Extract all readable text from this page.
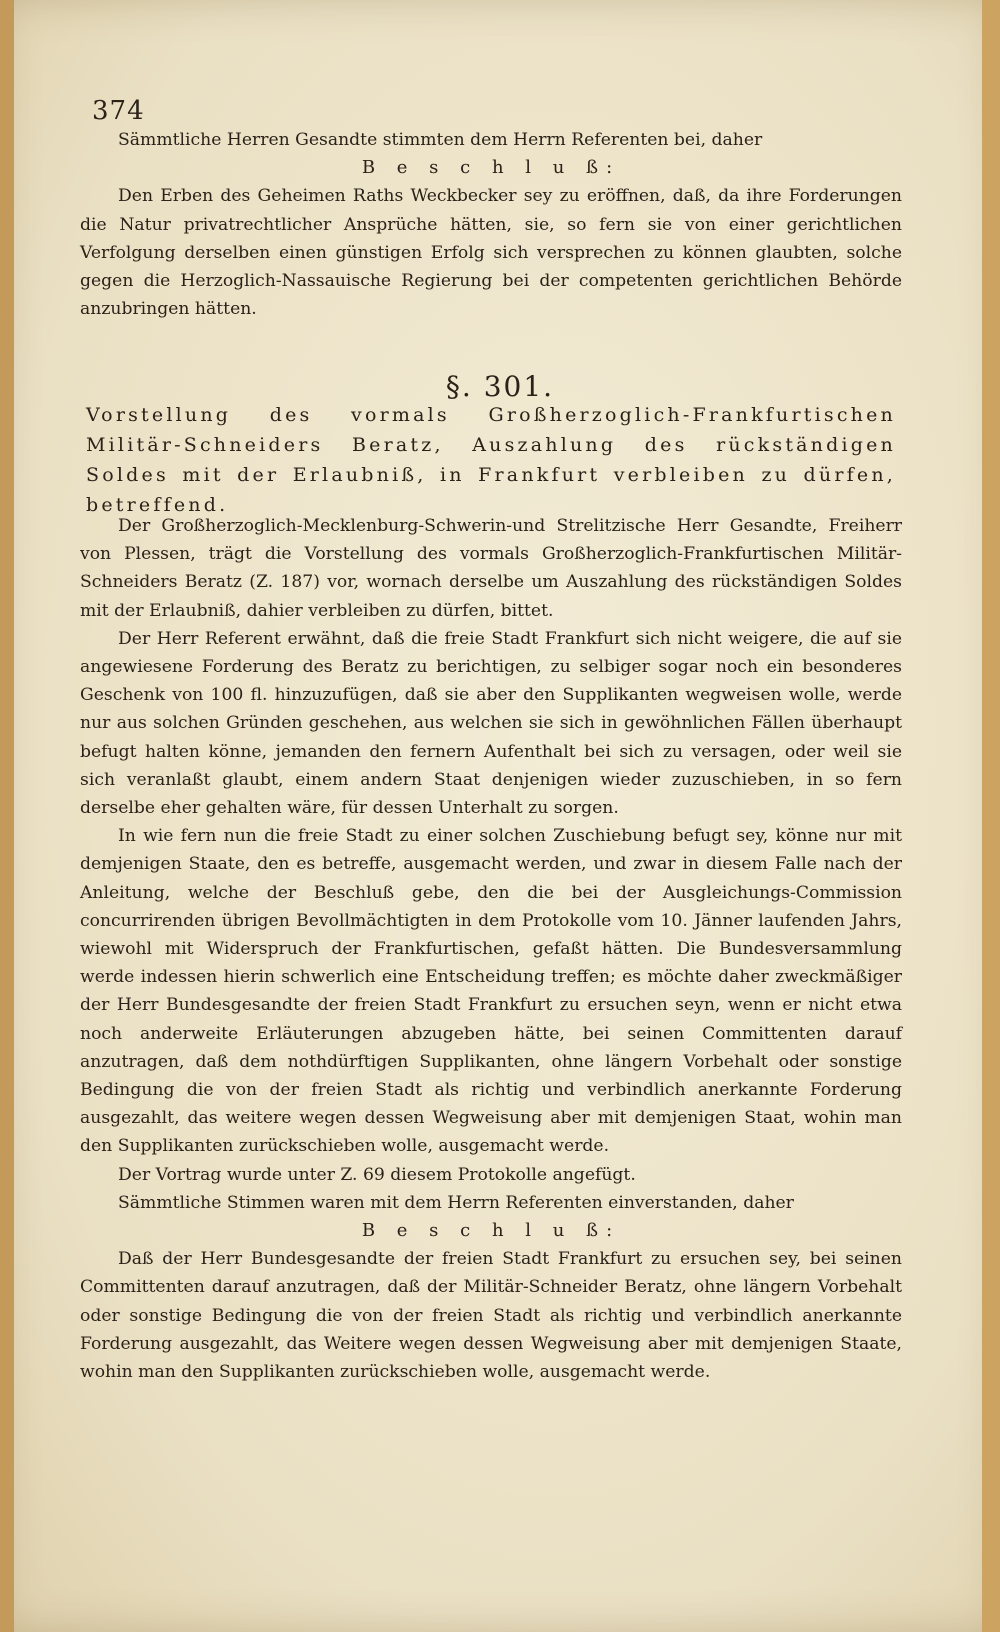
374

Sämmtliche Herren Gesandte stimmten dem Herrn Referenten bei, daher

B e s c h l u ß:

Den Erben des Geheimen Raths Weckbecker sey zu eröffnen, daß, da ihre Forderungen die Natur privatrechtlicher Ansprüche hätten, sie, so fern sie von einer gerichtlichen Verfolgung derselben einen günstigen Erfolg sich versprechen zu können glaubten, solche gegen die Herzoglich-Nassauische Regierung bei der competenten gerichtlichen Behörde anzubringen hätten.

§. 301.
Vorstellung des vormals Großherzoglich-Frankfurtischen Militär-Schneiders Beratz, Auszahlung des rückständigen Soldes mit der Erlaubniß, in Frankfurt verbleiben zu dürfen, betreffend.

Der Großherzoglich-Mecklenburg-Schwerin-und Strelitzische Herr Gesandte, Freiherr von Plessen, trägt die Vorstellung des vormals Großherzoglich-Frankfurtischen Militär-Schneiders Beratz (Z. 187) vor, wornach derselbe um Auszahlung des rückständigen Soldes mit der Erlaubniß, dahier verbleiben zu dürfen, bittet.

Der Herr Referent erwähnt, daß die freie Stadt Frankfurt sich nicht weigere, die auf sie angewiesene Forderung des Beratz zu berichtigen, zu selbiger sogar noch ein besonderes Geschenk von 100 fl. hinzuzufügen, daß sie aber den Supplikanten wegweisen wolle, werde nur aus solchen Gründen geschehen, aus welchen sie sich in gewöhnlichen Fällen überhaupt befugt halten könne, jemanden den fernern Aufenthalt bei sich zu versagen, oder weil sie sich veranlaßt glaubt, einem andern Staat denjenigen wieder zuzuschieben, in so fern derselbe eher gehalten wäre, für dessen Unterhalt zu sorgen.

In wie fern nun die freie Stadt zu einer solchen Zuschiebung befugt sey, könne nur mit demjenigen Staate, den es betreffe, ausgemacht werden, und zwar in diesem Falle nach der Anleitung, welche der Beschluß gebe, den die bei der Ausgleichungs-Commission concurrirenden übrigen Bevollmächtigten in dem Protokolle vom 10. Jänner laufenden Jahrs, wiewohl mit Widerspruch der Frankfurtischen, gefaßt hätten. Die Bundesversammlung werde indessen hierin schwerlich eine Entscheidung treffen; es möchte daher zweckmäßiger der Herr Bundesgesandte der freien Stadt Frankfurt zu ersuchen seyn, wenn er nicht etwa noch anderweite Erläuterungen abzugeben hätte, bei seinen Committenten darauf anzutragen, daß dem nothdürftigen Supplikanten, ohne längern Vorbehalt oder sonstige Bedingung die von der freien Stadt als richtig und verbindlich anerkannte Forderung ausgezahlt, das weitere wegen dessen Wegweisung aber mit demjenigen Staat, wohin man den Supplikanten zurückschieben wolle, ausgemacht werde.

Der Vortrag wurde unter Z. 69 diesem Protokolle angefügt.

Sämmtliche Stimmen waren mit dem Herrn Referenten einverstanden, daher

B e s c h l u ß:

Daß der Herr Bundesgesandte der freien Stadt Frankfurt zu ersuchen sey, bei seinen Committenten darauf anzutragen, daß der Militär-Schneider Beratz, ohne längern Vorbehalt oder sonstige Bedingung die von der freien Stadt als richtig und verbindlich anerkannte Forderung ausgezahlt, das Weitere wegen dessen Wegweisung aber mit demjenigen Staate, wohin man den Supplikanten zurückschieben wolle, ausgemacht werde.
